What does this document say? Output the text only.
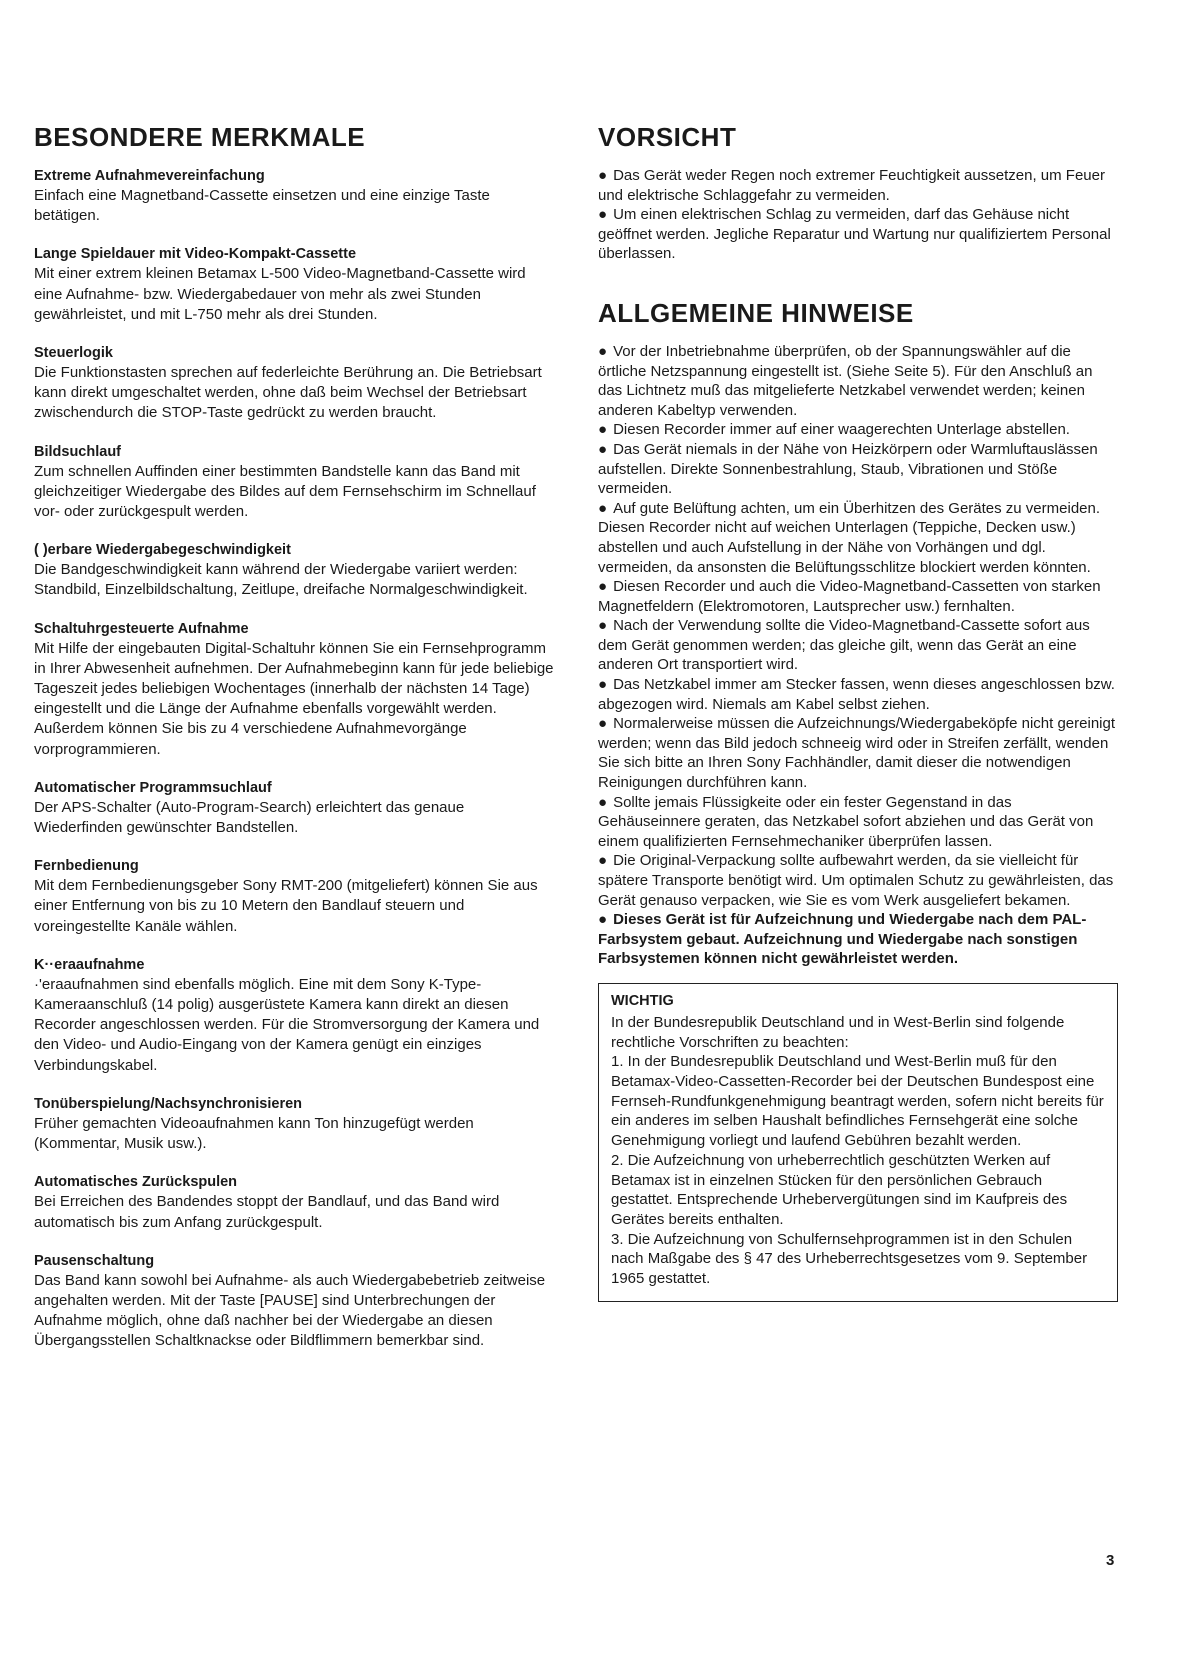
BESONDERE MERKMALE
Extreme Aufnahmevereinfachung

Einfach eine Magnetband-Cassette einsetzen und eine einzige Taste betätigen.

Lange Spieldauer mit Video-Kompakt-Cassette

Mit einer extrem kleinen Betamax L-500 Video-Magnetband-Cassette wird eine Aufnahme- bzw. Wiedergabedauer von mehr als zwei Stunden gewährleistet, und mit L-750 mehr als drei Stunden.

Steuerlogik

Die Funktionstasten sprechen auf federleichte Berührung an. Die Betriebsart kann direkt umgeschaltet werden, ohne daß beim Wechsel der Betriebsart zwischendurch die STOP-Taste gedrückt zu werden braucht.

Bildsuchlauf

Zum schnellen Auffinden einer bestimmten Bandstelle kann das Band mit gleichzeitiger Wiedergabe des Bildes auf dem Fernsehschirm im Schnellauf vor- oder zurückgespult werden.

( )erbare Wiedergabegeschwindigkeit

Die Bandgeschwindigkeit kann während der Wiedergabe variiert werden: Standbild, Einzelbildschaltung, Zeitlupe, dreifache Normalgeschwindigkeit.

Schaltuhrgesteuerte Aufnahme

Mit Hilfe der eingebauten Digital-Schaltuhr können Sie ein Fernsehprogramm in Ihrer Abwesenheit aufnehmen. Der Aufnahmebeginn kann für jede beliebige Tageszeit jedes beliebigen Wochentages (innerhalb der nächsten 14 Tage) eingestellt und die Länge der Aufnahme ebenfalls vorgewählt werden. Außerdem können Sie bis zu 4 verschiedene Aufnahmevorgänge vorprogrammieren.

Automatischer Programmsuchlauf

Der APS-Schalter (Auto-Program-Search) erleichtert das genaue Wiederfinden gewünschter Bandstellen.

Fernbedienung

Mit dem Fernbedienungsgeber Sony RMT-200 (mitgeliefert) können Sie aus einer Entfernung von bis zu 10 Metern den Bandlauf steuern und voreingestellte Kanäle wählen.

K··eraaufnahme

·'eraaufnahmen sind ebenfalls möglich. Eine mit dem Sony K-Type-Kameraanschluß (14 polig) ausgerüstete Kamera kann direkt an diesen Recorder angeschlossen werden. Für die Stromversorgung der Kamera und den Video- und Audio-Eingang von der Kamera genügt ein einziges Verbindungskabel.

Tonüberspielung/Nachsynchronisieren

Früher gemachten Videoaufnahmen kann Ton hinzugefügt werden (Kommentar, Musik usw.).

Automatisches Zurückspulen

Bei Erreichen des Bandendes stoppt der Bandlauf, und das Band wird automatisch bis zum Anfang zurückgespult.

Pausenschaltung

Das Band kann sowohl bei Aufnahme- als auch Wiedergabebetrieb zeitweise angehalten werden. Mit der Taste [PAUSE] sind Unterbrechungen der Aufnahme möglich, ohne daß nachher bei der Wiedergabe an diesen Übergangsstellen Schaltknackse oder Bildflimmern bemerkbar sind.

VORSICHT

● Das Gerät weder Regen noch extremer Feuchtigkeit aussetzen, um Feuer und elektrische Schlaggefahr zu vermeiden.

● Um einen elektrischen Schlag zu vermeiden, darf das Gehäuse nicht geöffnet werden. Jegliche Reparatur und Wartung nur qualifiziertem Personal überlassen.

ALLGEMEINE HINWEISE

● Vor der Inbetriebnahme überprüfen, ob der Spannungswähler auf die örtliche Netzspannung eingestellt ist. (Siehe Seite 5). Für den Anschluß an das Lichtnetz muß das mitgelieferte Netzkabel verwendet werden; keinen anderen Kabeltyp verwenden.

● Diesen Recorder immer auf einer waagerechten Unterlage abstellen.

● Das Gerät niemals in der Nähe von Heizkörpern oder Warmluftauslässen aufstellen. Direkte Sonnenbestrahlung, Staub, Vibrationen und Stöße vermeiden.

● Auf gute Belüftung achten, um ein Überhitzen des Gerätes zu vermeiden. Diesen Recorder nicht auf weichen Unterlagen (Teppiche, Decken usw.) abstellen und auch Aufstellung in der Nähe von Vorhängen und dgl. vermeiden, da ansonsten die Belüftungsschlitze blockiert werden könnten.

● Diesen Recorder und auch die Video-Magnetband-Cassetten von starken Magnetfeldern (Elektromotoren, Lautsprecher usw.) fernhalten.

● Nach der Verwendung sollte die Video-Magnetband-Cassette sofort aus dem Gerät genommen werden; das gleiche gilt, wenn das Gerät an eine anderen Ort transportiert wird.

● Das Netzkabel immer am Stecker fassen, wenn dieses angeschlossen bzw. abgezogen wird. Niemals am Kabel selbst ziehen.

● Normalerweise müssen die Aufzeichnungs/Wiedergabeköpfe nicht gereinigt werden; wenn das Bild jedoch schneeig wird oder in Streifen zerfällt, wenden Sie sich bitte an Ihren Sony Fachhändler, damit dieser die notwendigen Reinigungen durchführen kann.

● Sollte jemais Flüssigkeite oder ein fester Gegenstand in das Gehäuseinnere geraten, das Netzkabel sofort abziehen und das Gerät von einem qualifizierten Fernsehmechaniker überprüfen lassen.

● Die Original-Verpackung sollte aufbewahrt werden, da sie vielleicht für spätere Transporte benötigt wird. Um optimalen Schutz zu gewährleisten, das Gerät genauso verpacken, wie Sie es vom Werk ausgeliefert bekamen.

● Dieses Gerät ist für Aufzeichnung und Wiedergabe nach dem PAL-Farbsystem gebaut. Aufzeichnung und Wiedergabe nach sonstigen Farbsystemen können nicht gewährleistet werden.

WICHTIG

In der Bundesrepublik Deutschland und in West-Berlin sind folgende rechtliche Vorschriften zu beachten:

1. In der Bundesrepublik Deutschland und West-Berlin muß für den Betamax-Video-Cassetten-Recorder bei der Deutschen Bundespost eine Fernseh-Rundfunkgenehmigung beantragt werden, sofern nicht bereits für ein anderes im selben Haushalt befindliches Fernsehgerät eine solche Genehmigung vorliegt und laufend Gebühren bezahlt werden.

2. Die Aufzeichnung von urheberrechtlich geschützten Werken auf Betamax ist in einzelnen Stücken für den persönlichen Gebrauch gestattet. Entsprechende Urhebervergütungen sind im Kaufpreis des Gerätes bereits enthalten.

3. Die Aufzeichnung von Schulfernsehprogrammen ist in den Schulen nach Maßgabe des § 47 des Urheberrechtsgesetzes vom 9. September 1965 gestattet.

3
